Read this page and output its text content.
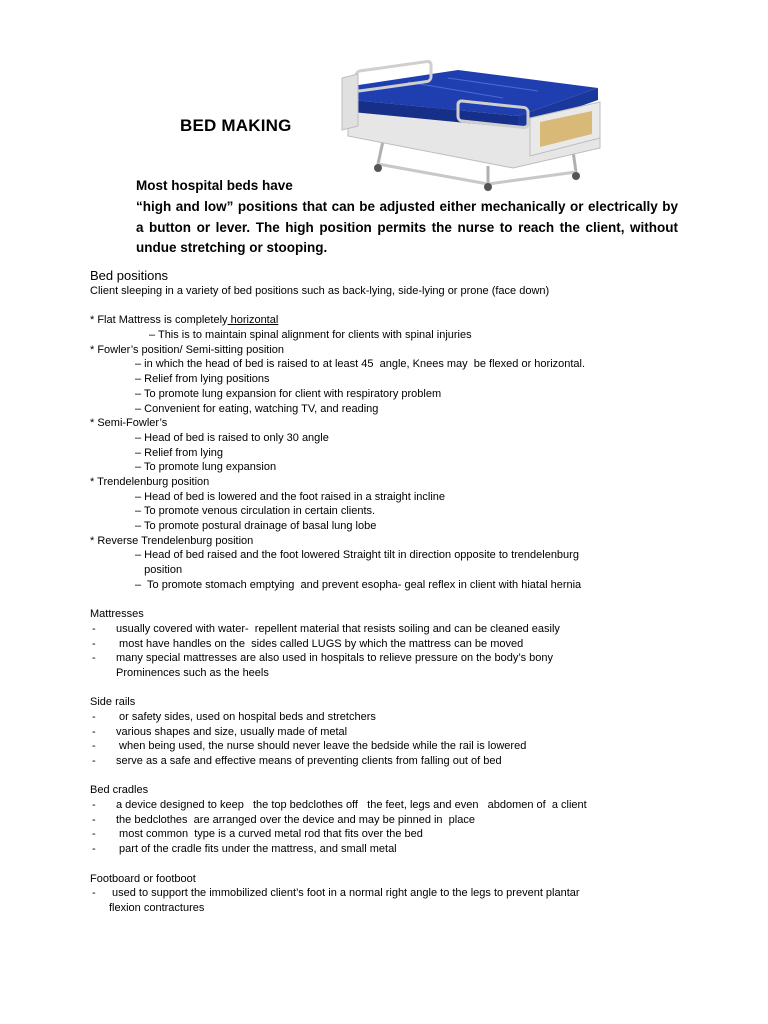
BED MAKING
Most hospital beds have

“high and low” positions that can be adjusted either mechanically or electrically by a button or lever. The high position permits the nurse to reach the client, without undue stretching or stooping.

Bed positions
Client sleeping in a variety of bed positions such as back-lying, side-lying or prone (face down)
* Flat Mattress is completely horizontal
– This is to maintain spinal alignment for clients with spinal injuries
* Fowler’s position/ Semi-sitting position
– in which the head of bed is raised to at least 45  angle, Knees may  be flexed or horizontal.
– Relief from lying positions
– To promote lung expansion for client with respiratory problem
– Convenient for eating, watching TV, and reading
* Semi-Fowler’s
– Head of bed is raised to only 30 angle
– Relief from lying
– To promote lung expansion
* Trendelenburg position
– Head of bed is lowered and the foot raised in a straight incline
– To promote venous circulation in certain clients.
– To promote postural drainage of basal lung lobe
* Reverse Trendelenburg position
– Head of bed raised and the foot lowered Straight tilt in direction opposite to trendelenburg
position
–  To promote stomach emptying  and prevent esopha- geal reflex in client with hiatal hernia
Mattresses
-	usually covered with water-  repellent material that resists soiling and can be cleaned easily
-	most have handles on the  sides called LUGS by which the mattress can be moved
-	many special mattresses are also used in hospitals to relieve pressure on the body’s bony
Prominences such as the heels
Side rails
-	or safety sides, used on hospital beds and stretchers
-	various shapes and size, usually made of metal
-	when being used, the nurse should never leave the bedside while the rail is lowered
-	serve as a safe and effective means of preventing clients from falling out of bed
Bed cradles
-	a device designed to keep   the top bedclothes off   the feet, legs and even   abdomen of  a client
-	the bedclothes  are arranged over the device and may be pinned in  place
-	most common  type is a curved metal rod that fits over the bed
-	part of the cradle fits under the mattress, and small metal
Footboard or footboot
-	used to support the immobilized client’s foot in a normal right angle to the legs to prevent plantar
flexion contractures
